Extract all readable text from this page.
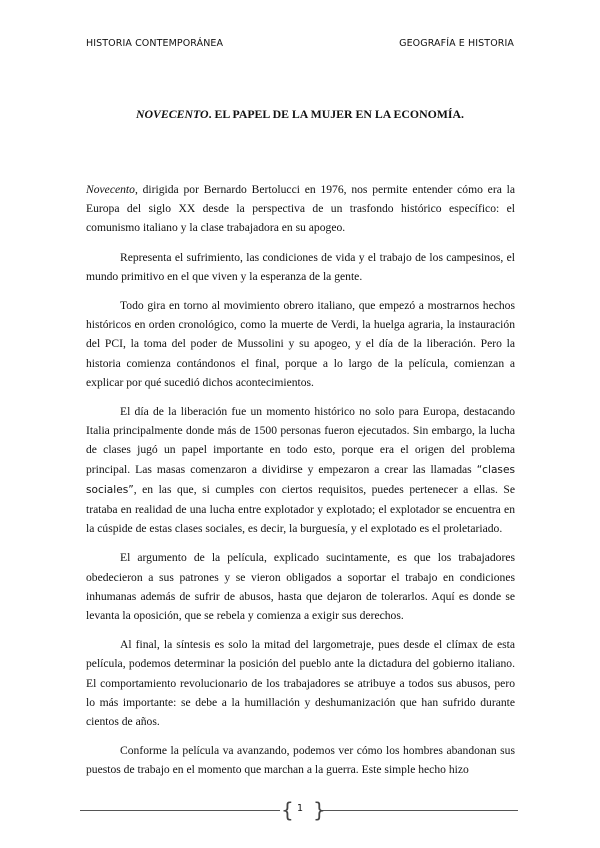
HISTORIA CONTEMPORÁNEA	GEOGRAFÍA E HISTORIA
NOVECENTO. EL PAPEL DE LA MUJER EN LA ECONOMÍA.

Novecento, dirigida por Bernardo Bertolucci en 1976, nos permite entender cómo era la Europa del siglo XX desde la perspectiva de un trasfondo histórico específico: el comunismo italiano y la clase trabajadora en su apogeo.

Representa el sufrimiento, las condiciones de vida y el trabajo de los campesinos, el mundo primitivo en el que viven y la esperanza de la gente.

Todo gira en torno al movimiento obrero italiano, que empezó a mostrarnos hechos históricos en orden cronológico, como la muerte de Verdi, la huelga agraria, la instauración del PCI, la toma del poder de Mussolini y su apogeo, y el día de la liberación. Pero la historia comienza contándonos el final, porque a lo largo de la película, comienzan a explicar por qué sucedió dichos acontecimientos.

El día de la liberación fue un momento histórico no solo para Europa, destacando Italia principalmente donde más de 1500 personas fueron ejecutados. Sin embargo, la lucha de clases jugó un papel importante en todo esto, porque era el origen del problema principal. Las masas comenzaron a dividirse y empezaron a crear las llamadas “clases sociales”, en las que, si cumples con ciertos requisitos, puedes pertenecer a ellas. Se trataba en realidad de una lucha entre explotador y explotado; el explotador se encuentra en la cúspide de estas clases sociales, es decir, la burguesía, y el explotado es el proletariado.

El argumento de la película, explicado sucintamente, es que los trabajadores obedecieron a sus patrones y se vieron obligados a soportar el trabajo en condiciones inhumanas además de sufrir de abusos, hasta que dejaron de tolerarlos. Aquí es donde se levanta la oposición, que se rebela y comienza a exigir sus derechos.

Al final, la síntesis es solo la mitad del largometraje, pues desde el clímax de esta película, podemos determinar la posición del pueblo ante la dictadura del gobierno italiano. El comportamiento revolucionario de los trabajadores se atribuye a todos sus abusos, pero lo más importante: se debe a la humillación y deshumanización que han sufrido durante cientos de años.

Conforme la película va avanzando, podemos ver cómo los hombres abandonan sus puestos de trabajo en el momento que marchan a la guerra. Este simple hecho hizo

{ }
1
